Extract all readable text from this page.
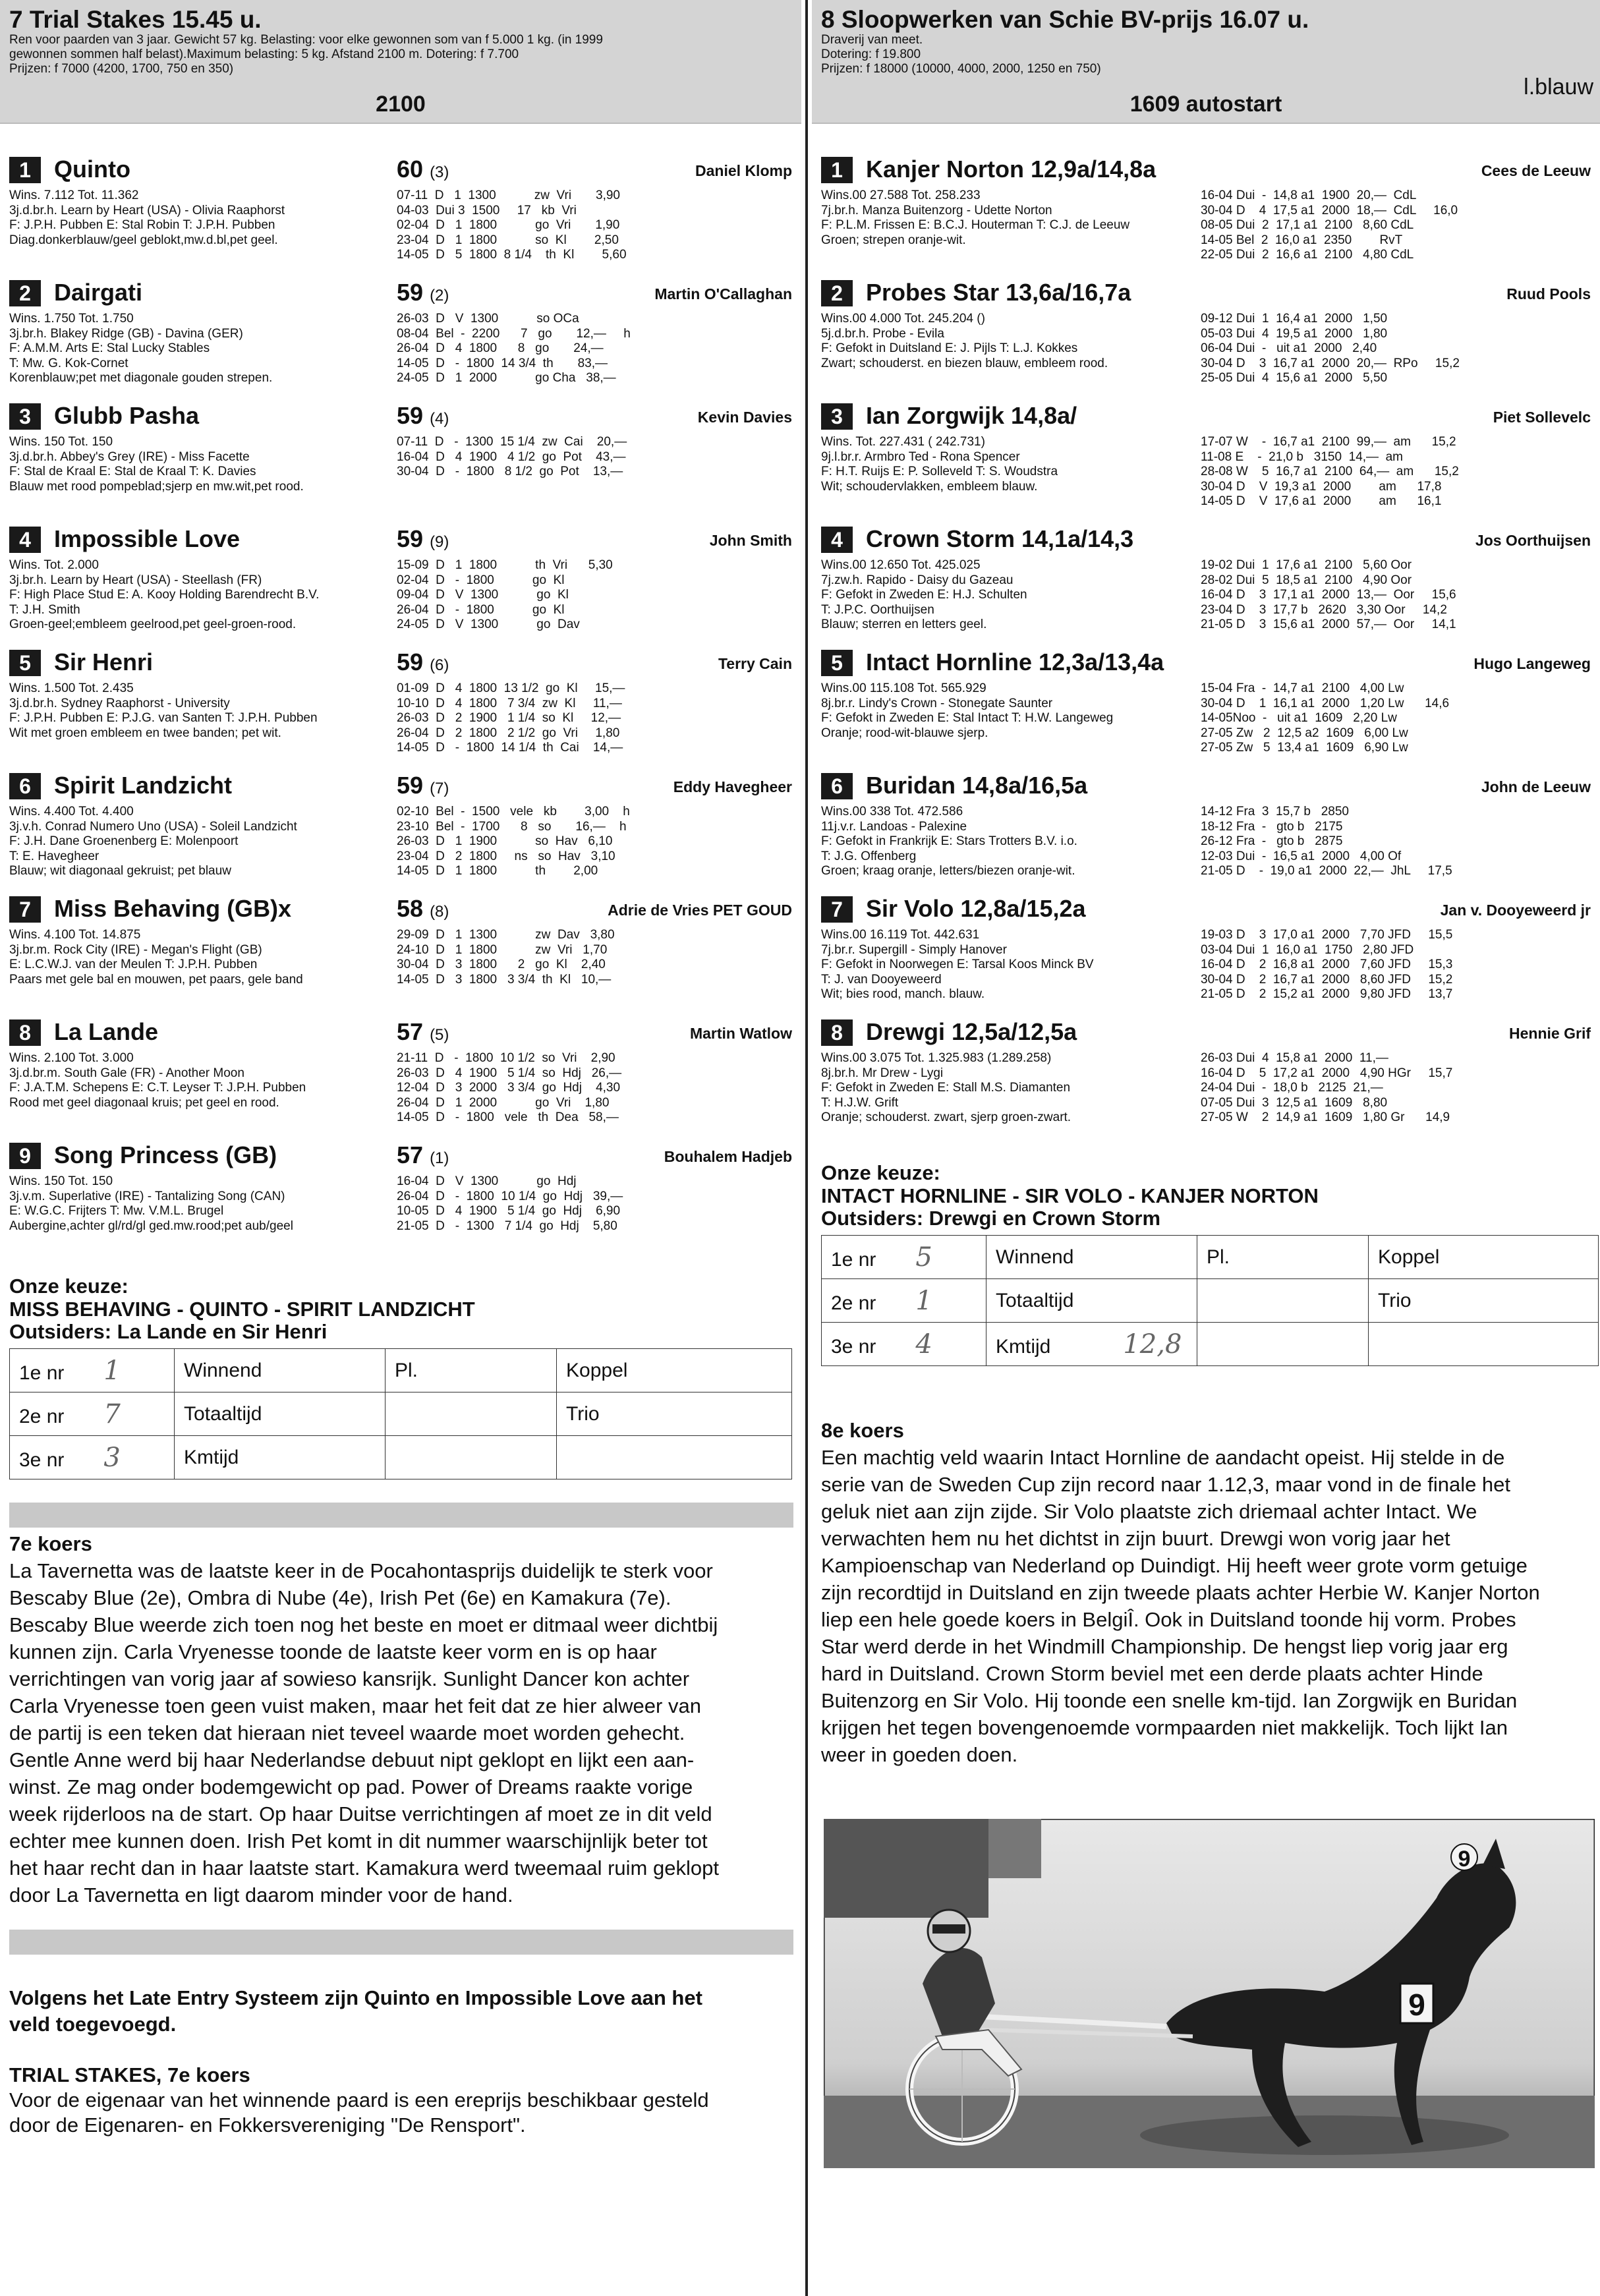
7 Trial Stakes 15.45 u.
Ren voor paarden van 3 jaar. Gewicht 57 kg. Belasting: voor elke gewonnen som van f 5.000 1 kg. (in 1999
gewonnen sommen half belast).Maximum belasting: 5 kg. Afstand 2100 m. Dotering: f 7.700
Prijzen: f 7000 (4200, 1700, 750 en 350)
2100
1 Quinto	60 (3)	Daniel Klomp
Wins. 7.112 Tot. 11.362
3j.d.br.h. Learn by Heart (USA) - Olivia Raaphorst
F: J.P.H. Pubben E: Stal Robin T: J.P.H. Pubben
Diag.donkerblauw/geel geblokt,mw.d.bl,pet geel.
07-11  D   1  1300           zw  Vri       3,90
04-03  Dui 3  1500     17   kb  Vri
02-04  D   1  1800           go  Vri       1,90
23-04  D   1  1800           so  Kl        2,50
14-05  D   5  1800  8 1/4    th  Kl        5,60
2 Dairgati	59 (2)	Martin O'Callaghan
Wins. 1.750 Tot. 1.750
3j.br.h. Blakey Ridge (GB) - Davina (GER)
F: A.M.M. Arts E: Stal Lucky Stables
T: Mw. G. Kok-Cornet
Korenblauw;pet met diagonale gouden strepen.
26-03  D   V  1300           so OCa
08-04  Bel  -  2200      7   go       12,—     h
26-04  D   4  1800      8   go       24,—
14-05  D   -  1800  14 3/4  th       83,—
24-05  D   1  2000           go Cha   38,—
3 Glubb Pasha	59 (4)	Kevin Davies
Wins. 150 Tot. 150
3j.d.br.h. Abbey's Grey (IRE) - Miss Facette
F: Stal de Kraal E: Stal de Kraal T: K. Davies
Blauw met rood pompeblad;sjerp en mw.wit,pet rood.
07-11  D   -  1300  15 1/4  zw  Cai    20,—
16-04  D   4  1900   4 1/2  go  Pot    43,—
30-04  D   -  1800   8 1/2  go  Pot    13,—
4 Impossible Love	59 (9)	John Smith
Wins. Tot. 2.000
3j.br.h. Learn by Heart (USA) - Steellash (FR)
F: High Place Stud E: A. Kooy Holding Barendrecht B.V.
T: J.H. Smith
Groen-geel;embleem geelrood,pet geel-groen-rood.
15-09  D   1  1800           th  Vri      5,30
02-04  D   -  1800           go  Kl
09-04  D   V  1300           go  Kl
26-04  D   -  1800           go  Kl
24-05  D   V  1300           go  Dav
5 Sir Henri	59 (6)	Terry Cain
Wins. 1.500 Tot. 2.435
3j.d.br.h. Sydney Raaphorst - University
F: J.P.H. Pubben E: P.J.G. van Santen T: J.P.H. Pubben
Wit met groen embleem en twee banden; pet wit.
01-09  D   4  1800  13 1/2  go  Kl     15,—
10-10  D   4  1800   7 3/4  zw  Kl     11,—
26-03  D   2  1900   1 1/4  so  Kl     12,—
26-04  D   2  1800   2 1/2  go  Vri     1,80
14-05  D   -  1800  14 1/4  th  Cai    14,—
6 Spirit Landzicht	59 (7)	Eddy Havegheer
Wins. 4.400 Tot. 4.400
3j.v.h. Conrad Numero Uno (USA) - Soleil Landzicht
F: J.H. Dane Groenenberg E: Molenpoort
T: E. Havegheer
Blauw; wit diagonaal gekruist; pet blauw
02-10  Bel  -  1500   vele   kb        3,00    h
23-10  Bel  -  1700      8   so       16,—    h
26-03  D   1  1900           so  Hav   6,10
23-04  D   2  1800     ns   so  Hav   3,10
14-05  D   1  1800           th        2,00
7 Miss Behaving (GB)x	58 (8)	Adrie de Vries PET GOUD
Wins. 4.100 Tot. 14.875
3j.br.m. Rock City (IRE) - Megan's Flight (GB)
E: L.C.W.J. van der Meulen T: J.P.H. Pubben
Paars met gele bal en mouwen, pet paars, gele band
29-09  D   1  1300           zw  Dav   3,80
24-10  D   1  1800           zw  Vri   1,70
30-04  D   3  1800      2   go  Kl    2,40
14-05  D   3  1800   3 3/4  th  Kl   10,—
8 La Lande	57 (5)	Martin Watlow
Wins. 2.100 Tot. 3.000
3j.d.br.m. South Gale (FR) - Another Moon
F: J.A.T.M. Schepens E: C.T. Leyser T: J.P.H. Pubben
Rood met geel diagonaal kruis; pet geel en rood.
21-11  D   -  1800  10 1/2  so  Vri    2,90
26-03  D   4  1900   5 1/4  so  Hdj   26,—
12-04  D   3  2000   3 3/4  go  Hdj    4,30
26-04  D   1  2000           go  Vri    1,80
14-05  D   -  1800   vele   th  Dea   58,—
9 Song Princess (GB)	57 (1)	Bouhalem Hadjeb
Wins. 150 Tot. 150
3j.v.m. Superlative (IRE) - Tantalizing Song (CAN)
E: W.G.C. Frijters T: Mw. V.M.L. Brugel
Aubergine,achter gl/rd/gl ged.mw.rood;pet aub/geel
16-04  D   V  1300           go  Hdj
26-04  D   -  1800  10 1/4  go  Hdj   39,—
10-05  D   4  1900   5 1/4  go  Hdj    6,90
21-05  D   -  1300   7 1/4  go  Hdj    5,80
Onze keuze:
MISS BEHAVING - QUINTO - SPIRIT LANDZICHT
Outsiders: La Lande en Sir Henri
1e nr 1	Winnend	Pl.	Koppel
2e nr 7	Totaaltijd		Trio
3e nr 3	Kmtijd		
7e koers
La Tavernetta was de laatste keer in de Pocahontasprijs duidelijk te sterk voor
Bescaby Blue (2e), Ombra di Nube (4e), Irish Pet (6e) en Kamakura (7e).
Bescaby Blue weerde zich toen nog het beste en moet er ditmaal weer dichtbij
kunnen zijn. Carla Vryenesse toonde de laatste keer vorm en is op haar
verrichtingen van vorig jaar af sowieso kansrijk. Sunlight Dancer kon achter
Carla Vryenesse toen geen vuist maken, maar het feit dat ze hier alweer van
de partij is een teken dat hieraan niet teveel waarde moet worden gehecht.
Gentle Anne werd bij haar Nederlandse debuut nipt geklopt en lijkt een aan-
winst. Ze mag onder bodemgewicht op pad. Power of Dreams raakte vorige
week rijderloos na de start. Op haar Duitse verrichtingen af moet ze in dit veld
echter mee kunnen doen. Irish Pet komt in dit nummer waarschijnlijk beter tot
het haar recht dan in haar laatste start. Kamakura werd tweemaal ruim geklopt
door La Tavernetta en ligt daarom minder voor de hand.
Volgens het Late Entry Systeem zijn Quinto en Impossible Love aan het
veld toegevoegd.
TRIAL STAKES, 7e koers
Voor de eigenaar van het winnende paard is een ereprijs beschikbaar gesteld
door de Eigenaren- en Fokkersvereniging "De Rensport".
8 Sloopwerken van Schie BV-prijs 16.07 u.
Draverij van meet.
Dotering: f 19.800
Prijzen: f 18000 (10000, 4000, 2000, 1250 en 750)
1609 autostart
l.blauw
1 Kanjer Norton 12,9a/14,8a	Cees de Leeuw
Wins.00 27.588 Tot. 258.233
7j.br.h. Manza Buitenzorg - Udette Norton
F: P.L.M. Frissen E: B.C.J. Houterman T: C.J. de Leeuw
Groen; strepen oranje-wit.
16-04 Dui  -  14,8 a1  1900  20,—  CdL
30-04 D    4  17,5 a1  2000  18,—  CdL     16,0
08-05 Dui  2  17,1 a1  2100   8,60 CdL
14-05 Bel  2  16,0 a1  2350        RvT
22-05 Dui  2  16,6 a1  2100   4,80 CdL
2 Probes Star 13,6a/16,7a	Ruud Pools
Wins.00 4.000 Tot. 245.204 ()
5j.d.br.h. Probe - Evila
F: Gefokt in Duitsland E: J. Pijls T: L.J. Kokkes
Zwart; schouderst. en biezen blauw, embleem rood.
09-12 Dui  1  16,4 a1  2000   1,50
05-03 Dui  4  19,5 a1  2000   1,80
06-04 Dui  -   uit a1  2000   2,40
30-04 D    3  16,7 a1  2000  20,—  RPo     15,2
25-05 Dui  4  15,6 a1  2000   5,50
3 Ian Zorgwijk 14,8a/	Piet Sollevelc
Wins. Tot. 227.431 ( 242.731)
9j.l.br.r. Armbro Ted - Rona Spencer
F: H.T. Ruijs E: P. Solleveld T: S. Woudstra
Wit; schoudervlakken, embleem blauw.
17-07 W    -  16,7 a1  2100  99,—  am      15,2
11-08 E    -  21,0 b   3150  14,—  am
28-08 W    5  16,7 a1  2100  64,—  am      15,2
30-04 D    V  19,3 a1  2000        am      17,8
14-05 D    V  17,6 a1  2000        am      16,1
4 Crown Storm 14,1a/14,3	Jos Oorthuijsen
Wins.00 12.650 Tot. 425.025
7j.zw.h. Rapido - Daisy du Gazeau
F: Gefokt in Zweden E: H.J. Schulten
T: J.P.C. Oorthuijsen
Blauw; sterren en letters geel.
19-02 Dui  1  17,6 a1  2100   5,60 Oor
28-02 Dui  5  18,5 a1  2100   4,90 Oor
16-04 D    3  17,1 a1  2000  13,—  Oor     15,6
23-04 D    3  17,7 b   2620   3,30 Oor     14,2
21-05 D    3  15,6 a1  2000  57,—  Oor     14,1
5 Intact Hornline 12,3a/13,4a	Hugo Langeweg
Wins.00 115.108 Tot. 565.929
8j.br.r. Lindy's Crown - Stonegate Saunter
F: Gefokt in Zweden E: Stal Intact T: H.W. Langeweg
Oranje; rood-wit-blauwe sjerp.
15-04 Fra  -  14,7 a1  2100   4,00 Lw
30-04 D    1  16,1 a1  2000   1,20 Lw      14,6
14-05Noo  -   uit a1  1609   2,20 Lw
27-05 Zw   2  12,5 a2  1609   6,00 Lw
27-05 Zw   5  13,4 a1  1609   6,90 Lw
6 Buridan 14,8a/16,5a	John de Leeuw
Wins.00 338 Tot. 472.586
11j.v.r. Landoas - Palexine
F: Gefokt in Frankrijk E: Stars Trotters B.V. i.o.
T: J.G. Offenberg
Groen; kraag oranje, letters/biezen oranje-wit.
14-12 Fra  3  15,7 b   2850
18-12 Fra  -   gto b   2175
26-12 Fra  -   gto b   2875
12-03 Dui  -  16,5 a1  2000   4,00 Of
21-05 D    -  19,0 a1  2000  22,—  JhL     17,5
7 Sir Volo 12,8a/15,2a	Jan v. Dooyeweerd jr
Wins.00 16.119 Tot. 442.631
7j.br.r. Supergill - Simply Hanover
F: Gefokt in Noorwegen E: Tarsal Koos Minck BV
T: J. van Dooyeweerd
Wit; bies rood, manch. blauw.
19-03 D    3  17,0 a1  2000   7,70 JFD     15,5
03-04 Dui  1  16,0 a1  1750   2,80 JFD
16-04 D    2  16,8 a1  2000   7,60 JFD     15,3
30-04 D    2  16,7 a1  2000   8,60 JFD     15,2
21-05 D    2  15,2 a1  2000   9,80 JFD     13,7
8 Drewgi 12,5a/12,5a	Hennie Grif
Wins.00 3.075 Tot. 1.325.983 (1.289.258)
8j.br.h. Mr Drew - Lygi
F: Gefokt in Zweden E: Stall M.S. Diamanten
T: H.J.W. Grift
Oranje; schouderst. zwart, sjerp groen-zwart.
26-03 Dui  4  15,8 a1  2000  11,—
16-04 D    5  17,2 a1  2000   4,90 HGr     15,7
24-04 Dui  -  18,0 b   2125  21,—
07-05 Dui  3  12,5 a1  1609   8,80
27-05 W    2  14,9 a1  1609   1,80 Gr      14,9
Onze keuze:
INTACT HORNLINE - SIR VOLO - KANJER NORTON
Outsiders: Drewgi en Crown Storm
1e nr 5	Winnend	Pl.	Koppel
2e nr 1	Totaaltijd		Trio
3e nr 4	Kmtijd 12,8		
8e koers
Een machtig veld waarin Intact Hornline de aandacht opeist. Hij stelde in de
serie van de Sweden Cup zijn record naar 1.12,3, maar vond in de finale het
geluk niet aan zijn zijde. Sir Volo plaatste zich driemaal achter Intact. We
verwachten hem nu het dichtst in zijn buurt. Drewgi won vorig jaar het
Kampioenschap van Nederland op Duindigt. Hij heeft weer grote vorm getuige
zijn recordtijd in Duitsland en zijn tweede plaats achter Herbie W. Kanjer Norton
liep een hele goede koers in BelgiÎ. Ook in Duitsland toonde hij vorm. Probes
Star werd derde in het Windmill Championship. De hengst liep vorig jaar erg
hard in Duitsland. Crown Storm beviel met een derde plaats achter Hinde
Buitenzorg en Sir Volo. Hij toonde een snelle km-tijd. Ian Zorgwijk en Buridan
krijgen het tegen bovengenoemde vormpaarden niet makkelijk. Toch lijkt Ian
weer in goeden doen.
9
9
